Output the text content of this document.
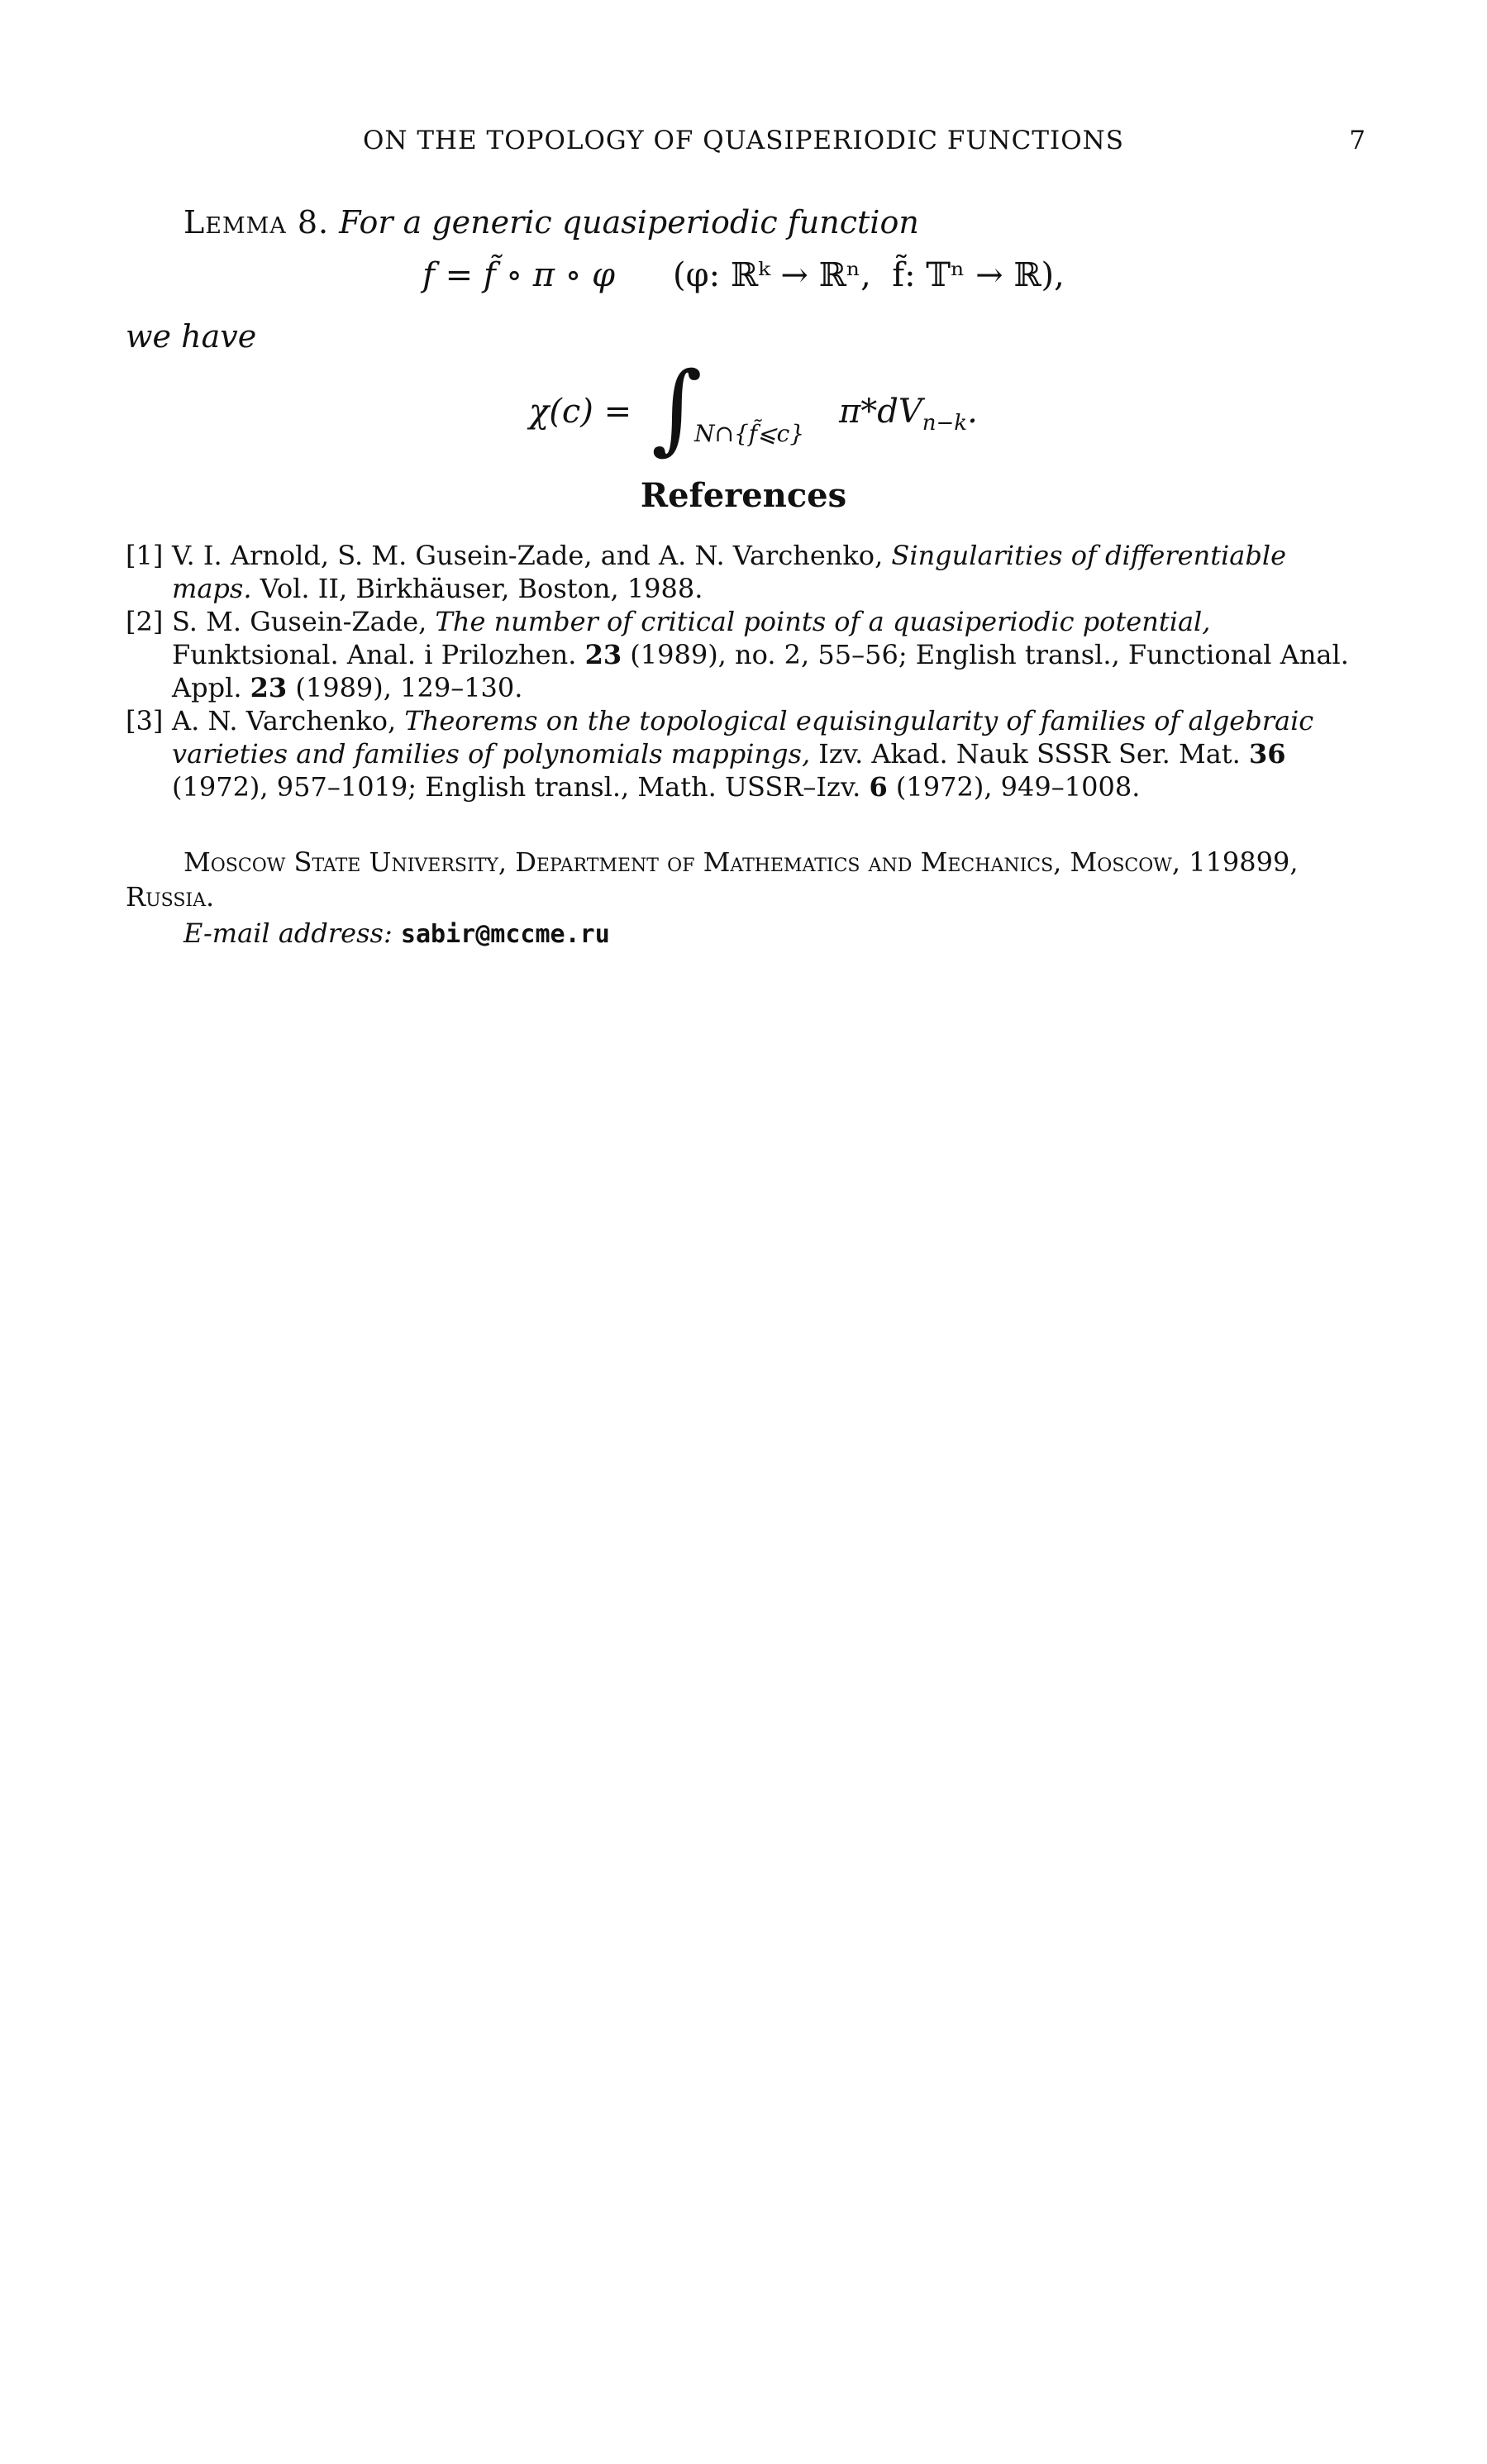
ON THE TOPOLOGY OF QUASIPERIODIC FUNCTIONS	7
Lemma 8. For a generic quasiperiodic function
f = f̃ ∘ π ∘ φ (φ: ℝᵏ → ℝⁿ,  f̃: 𝕋ⁿ → ℝ),
we have
χ(c) = ∫
N∩{f̃⩽c}
$\pi*dV_{n-k}$.
References
[1] V. I. Arnold, S. M. Gusein-Zade, and A. N. Varchenko, Singularities of differentiable maps. Vol. II, Birkhäuser, Boston, 1988.
[2] S. M. Gusein-Zade, The number of critical points of a quasiperiodic potential, Funktsional. Anal. i Prilozhen. 23 (1989), no. 2, 55–56; English transl., Functional Anal. Appl. 23 (1989), 129–130.
[3] A. N. Varchenko, Theorems on the topological equisingularity of families of algebraic varieties and families of polynomials mappings, Izv. Akad. Nauk SSSR Ser. Mat. 36 (1972), 957–1019; English transl., Math. USSR–Izv. 6 (1972), 949–1008.
Moscow State University, Department of Mathematics and Mechanics, Moscow, 119899, Russia.
E-mail address: sabir@mccme.ru
